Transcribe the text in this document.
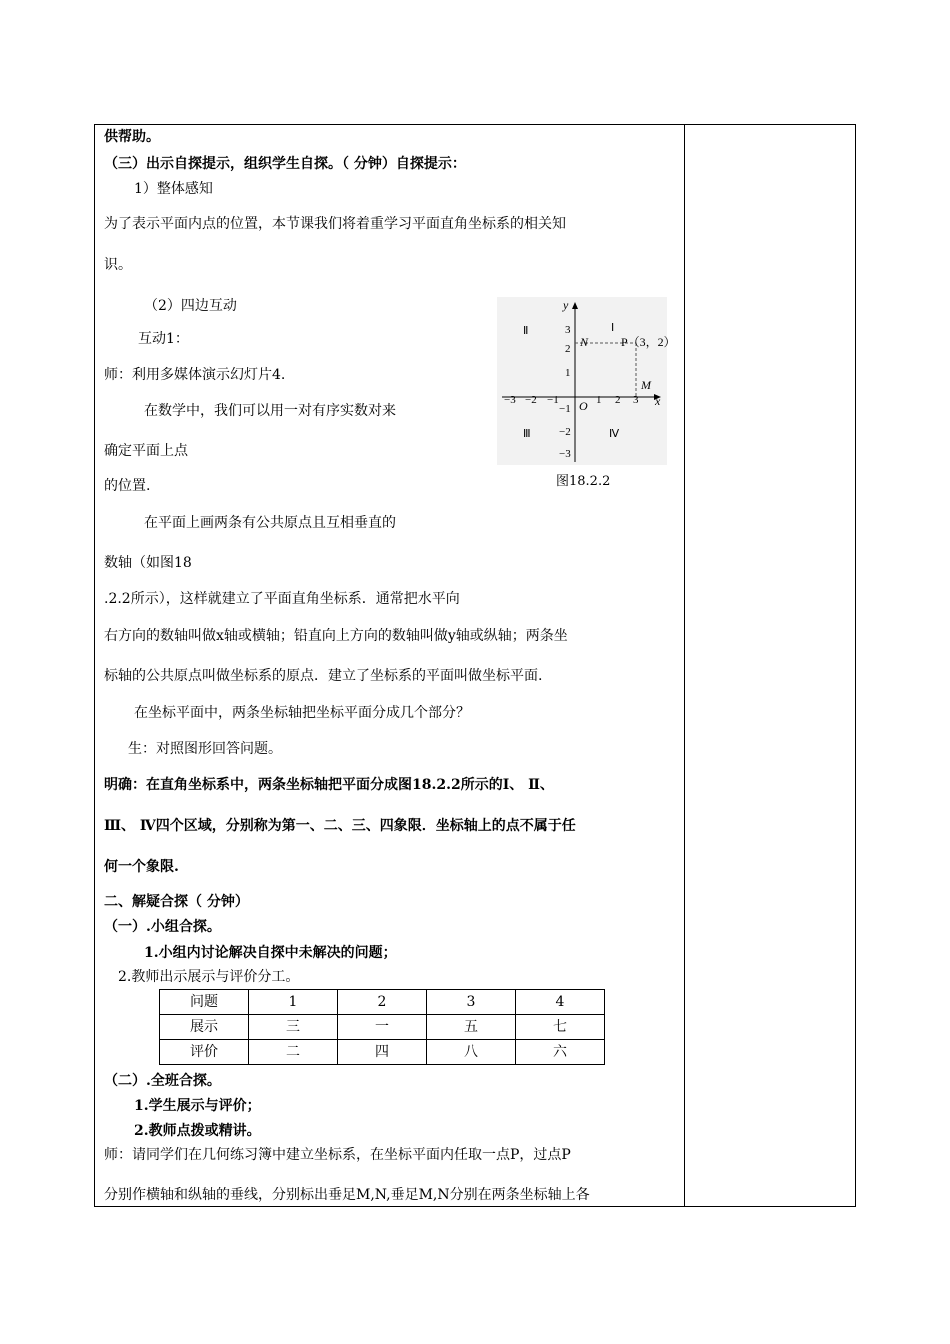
供帮助。
（三）出示自探提示，组织学生自探。（ 分钟）自探提示：
1）整体感知
为了表示平面内点的位置，本节课我们将着重学习平面直角坐标系的相关知
识。
（2）四边互动
互动1：
师：利用多媒体演示幻灯片4.
在数学中，我们可以用一对有序实数对来
确定平面上点
的位置.
在平面上画两条有公共原点且互相垂直的
数轴（如图18
.2.2所示），这样就建立了平面直角坐标系．通常把水平向
右方向的数轴叫做x轴或横轴；铅直向上方向的数轴叫做y轴或纵轴；两条坐
标轴的公共原点叫做坐标系的原点．建立了坐标系的平面叫做坐标平面.
在坐标平面中，两条坐标轴把坐标平面分成几个部分？
生：对照图形回答问题。
明确：在直角坐标系中，两条坐标轴把平面分成图18.2.2所示的Ⅰ、 Ⅱ、
Ⅲ、 Ⅳ四个区域，分别称为第一、二、三、四象限．坐标轴上的点不属于任
何一个象限.
二、解疑合探（ 分钟）
（一）.小组合探。
1.小组内讨论解决自探中未解决的问题；
2.教师出示展示与评价分工。
问题	1	2	3	4
展示	三	一	五	七
评价	二	四	八	六
（二）.全班合探。
1.学生展示与评价；
2.教师点拨或精讲。
师：请同学们在几何练习簿中建立坐标系，在坐标平面内任取一点P，过点P
分别作横轴和纵轴的垂线，分别标出垂足M,N,垂足M,N分别在两条坐标轴上各
y
x
O
P（3，2）
M
N
Ⅰ
Ⅱ
Ⅲ	Ⅳ
−3 −2 −1	1 2 3
3
2
1
−1
−2
−3
图18.2.2
